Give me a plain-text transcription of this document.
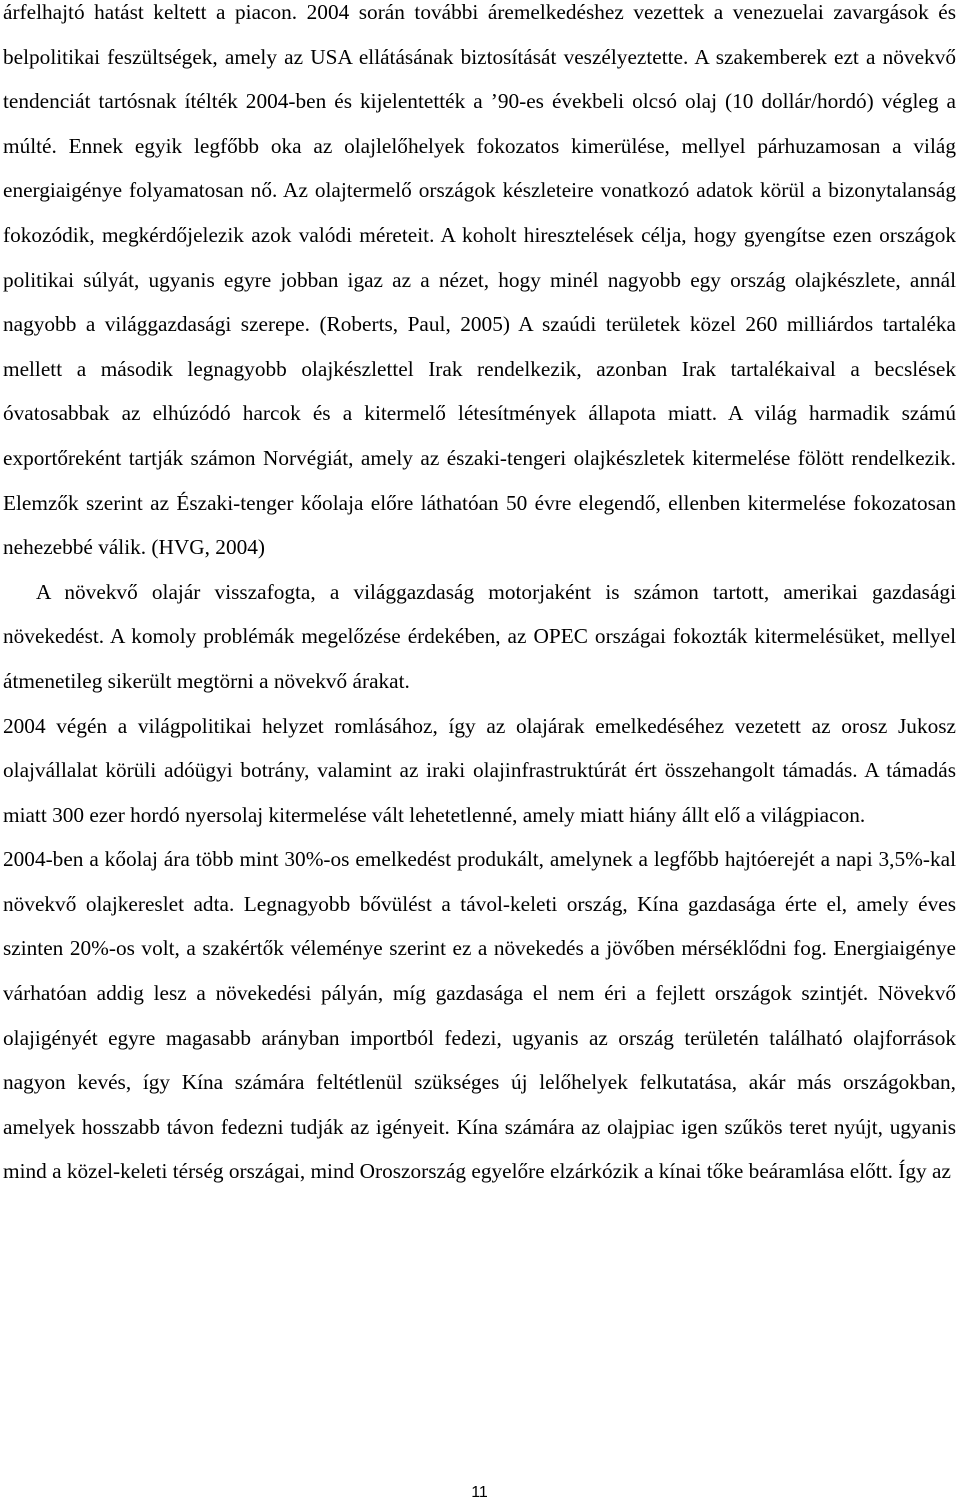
árfelhajtó hatást keltett a piacon. 2004 során további áremelkedéshez vezettek a venezuelai zavargások és belpolitikai feszültségek, amely az USA ellátásának biztosítását veszélyeztette. A szakemberek ezt a növekvő tendenciát tartósnak ítélték 2004-ben és kijelentették a ’90-es évekbeli olcsó olaj (10 dollár/hordó) végleg a múlté. Ennek egyik legfőbb oka az olajlelőhelyek fokozatos kimerülése, mellyel párhuzamosan a világ energiaigénye folyamatosan nő. Az olajtermelő országok készleteire vonatkozó adatok körül a bizonytalanság fokozódik, megkérdőjelezik azok valódi méreteit. A koholt hiresztelések célja, hogy gyengítse ezen országok politikai súlyát, ugyanis egyre jobban igaz az a nézet, hogy minél nagyobb egy ország olajkészlete, annál nagyobb a világgazdasági szerepe. (Roberts, Paul, 2005) A szaúdi területek közel 260 milliárdos tartaléka mellett a második legnagyobb olajkészlettel Irak rendelkezik, azonban Irak tartalékaival a becslések óvatosabbak az elhúzódó harcok és a kitermelő létesítmények állapota miatt. A világ harmadik számú exportőreként tartják számon Norvégiát, amely az északi-tengeri olajkészletek kitermelése fölött rendelkezik. Elemzők szerint az Északi-tenger kőolaja előre láthatóan 50 évre elegendő, ellenben kitermelése fokozatosan nehezebbé válik. (HVG, 2004)

A növekvő olajár visszafogta, a világgazdaság motorjaként is számon tartott, amerikai gazdasági növekedést. A komoly problémák megelőzése érdekében, az OPEC országai fokozták kitermelésüket, mellyel átmenetileg sikerült megtörni a növekvő árakat.

2004 végén a világpolitikai helyzet romlásához, így az olajárak emelkedéséhez vezetett az orosz Jukosz olajvállalat körüli adóügyi botrány, valamint az iraki olajinfrastruktúrát ért összehangolt támadás. A támadás miatt 300 ezer hordó nyersolaj kitermelése vált lehetetlenné, amely miatt hiány állt elő a világpiacon.

2004-ben a kőolaj ára több mint 30%-os emelkedést produkált, amelynek a legfőbb hajtóerejét a napi 3,5%-kal növekvő olajkereslet adta. Legnagyobb bővülést a távol-keleti ország, Kína gazdasága érte el, amely éves szinten 20%-os volt, a szakértők véleménye szerint ez a növekedés a jövőben mérséklődni fog. Energiaigénye várhatóan addig lesz a növekedési pályán, míg gazdasága el nem éri a fejlett országok szintjét. Növekvő olajigényét egyre magasabb arányban importból fedezi, ugyanis az ország területén található olajforrások nagyon kevés, így Kína számára feltétlenül szükséges új lelőhelyek felkutatása, akár más országokban, amelyek hosszabb távon fedezni tudják az igényeit. Kína számára az olajpiac igen szűkös teret nyújt, ugyanis mind a közel-keleti térség országai, mind Oroszország egyelőre elzárkózik a kínai tőke beáramlása előtt. Így az

11
